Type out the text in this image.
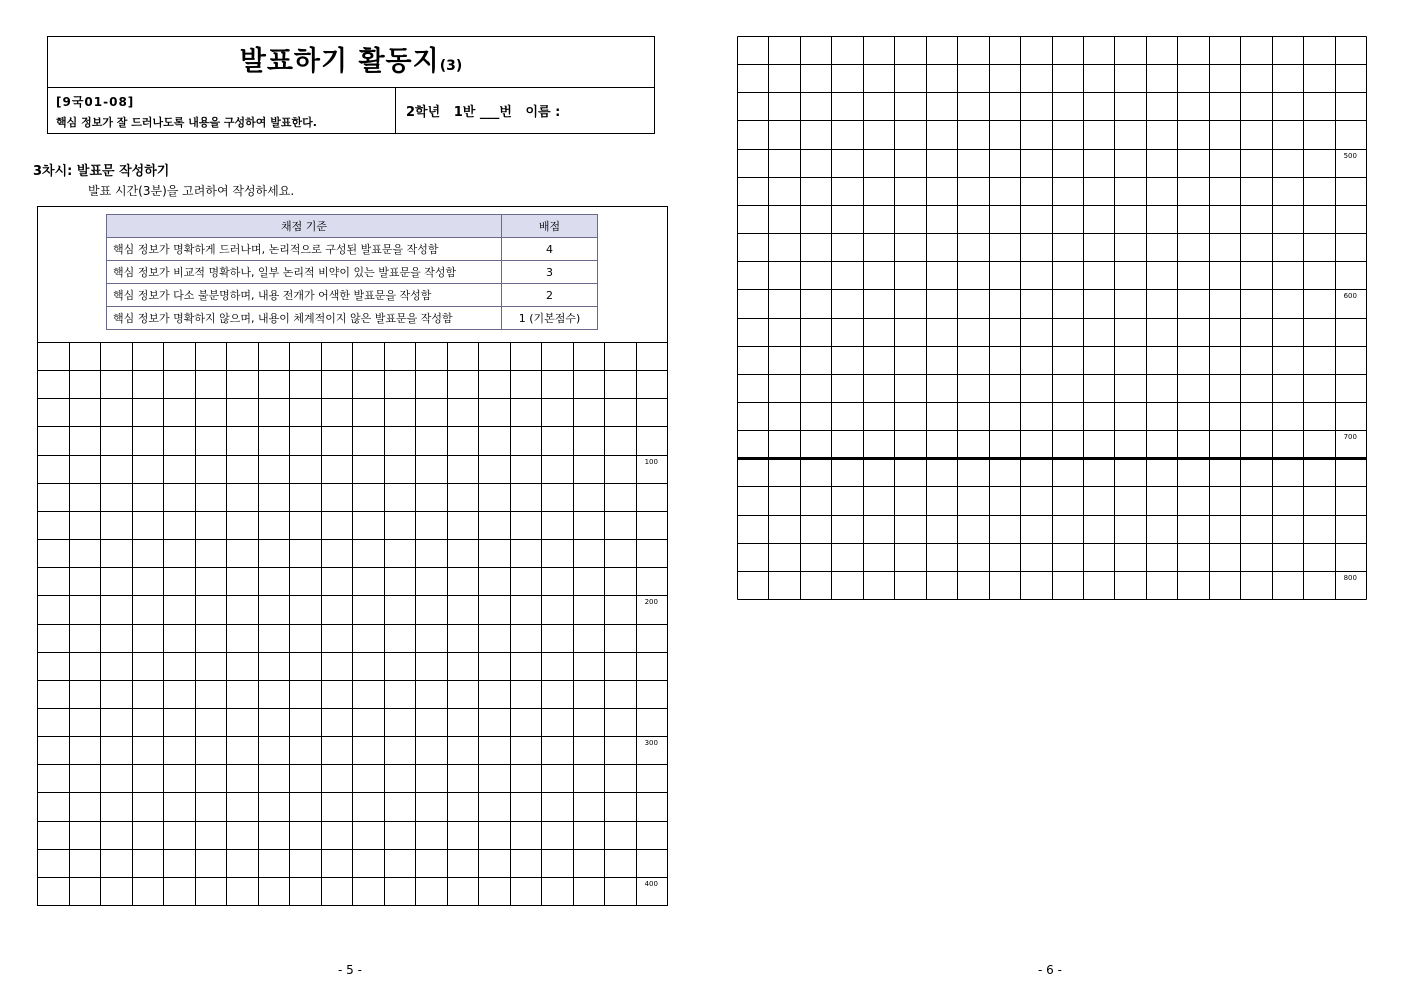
발표하기 활동지(3)
[9국01-08]
핵심 정보가 잘 드러나도록 내용을 구성하여 발표한다.
2학년   1반 ___번   이름 :
3차시: 발표문 작성하기
발표 시간(3분)을 고려하여 작성하세요.
채점 기준	배점
핵심 정보가 명확하게 드러나며, 논리적으로 구성된 발표문을 작성함	4
핵심 정보가 비교적 명확하나, 일부 논리적 비약이 있는 발표문을 작성함	3
핵심 정보가 다소 불분명하며, 내용 전개가 어색한 발표문을 작성함	2
핵심 정보가 명확하지 않으며, 내용이 체계적이지 않은 발표문을 작성함	1 (기본점수)
100
200
300
400
500
600
700
800
- 5 -	- 6 -
